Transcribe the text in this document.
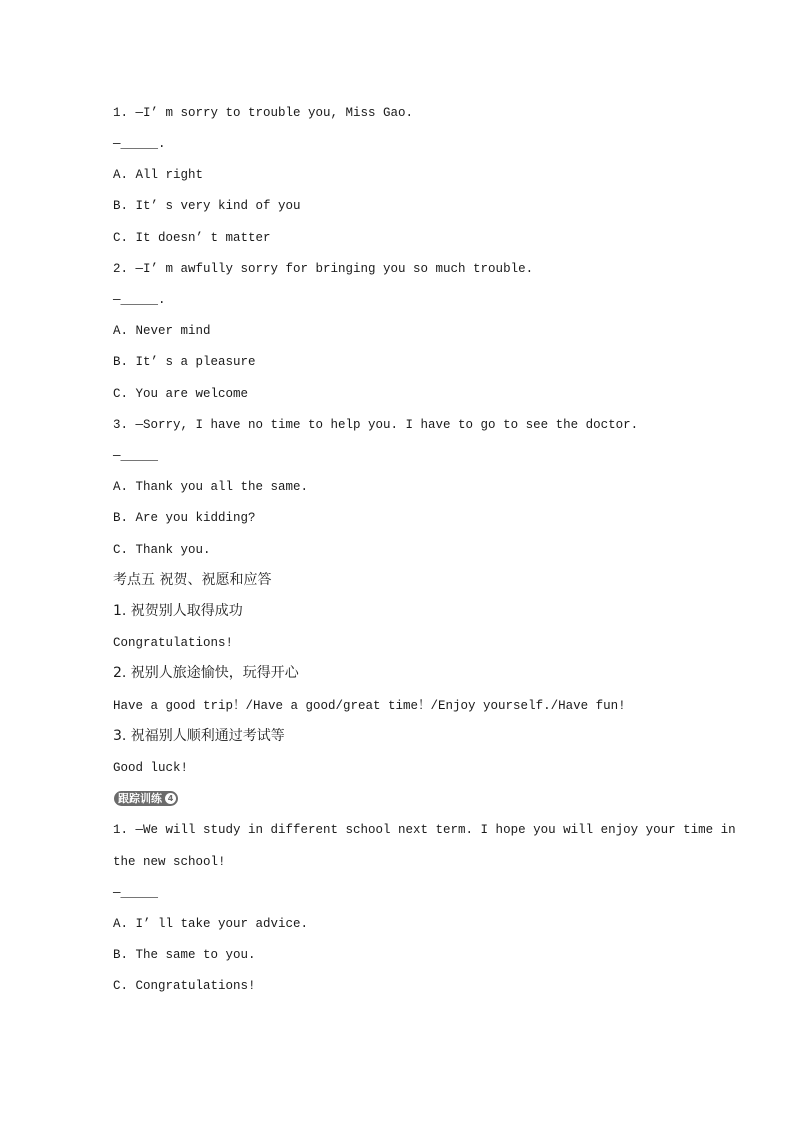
1. —I’ m sorry to trouble you, Miss Gao.
—_____.
A. All right
B. It’ s very kind of you
C. It doesn’ t matter
2. —I’ m awfully sorry for bringing you so much trouble.
—_____.
A. Never mind
B. It’ s a pleasure
C. You are welcome
3. —Sorry, I have no time to help you. I have to go to see the doctor.
—_____
A. Thank you all the same.
B. Are you kidding?
C. Thank you.
考点五 祝贺、祝愿和应答
1. 祝贺别人取得成功
Congratulations!
2. 祝别人旅途愉快，玩得开心
Have a good trip！/Have a good/great time！/Enjoy yourself./Have fun!
3. 祝福别人顺利通过考试等
Good luck!
跟踪训练 4
1. —We will study in different school next term. I hope you will enjoy your time in
the new school!
—_____
A. I’ ll take your advice.
B. The same to you.
C. Congratulations!
